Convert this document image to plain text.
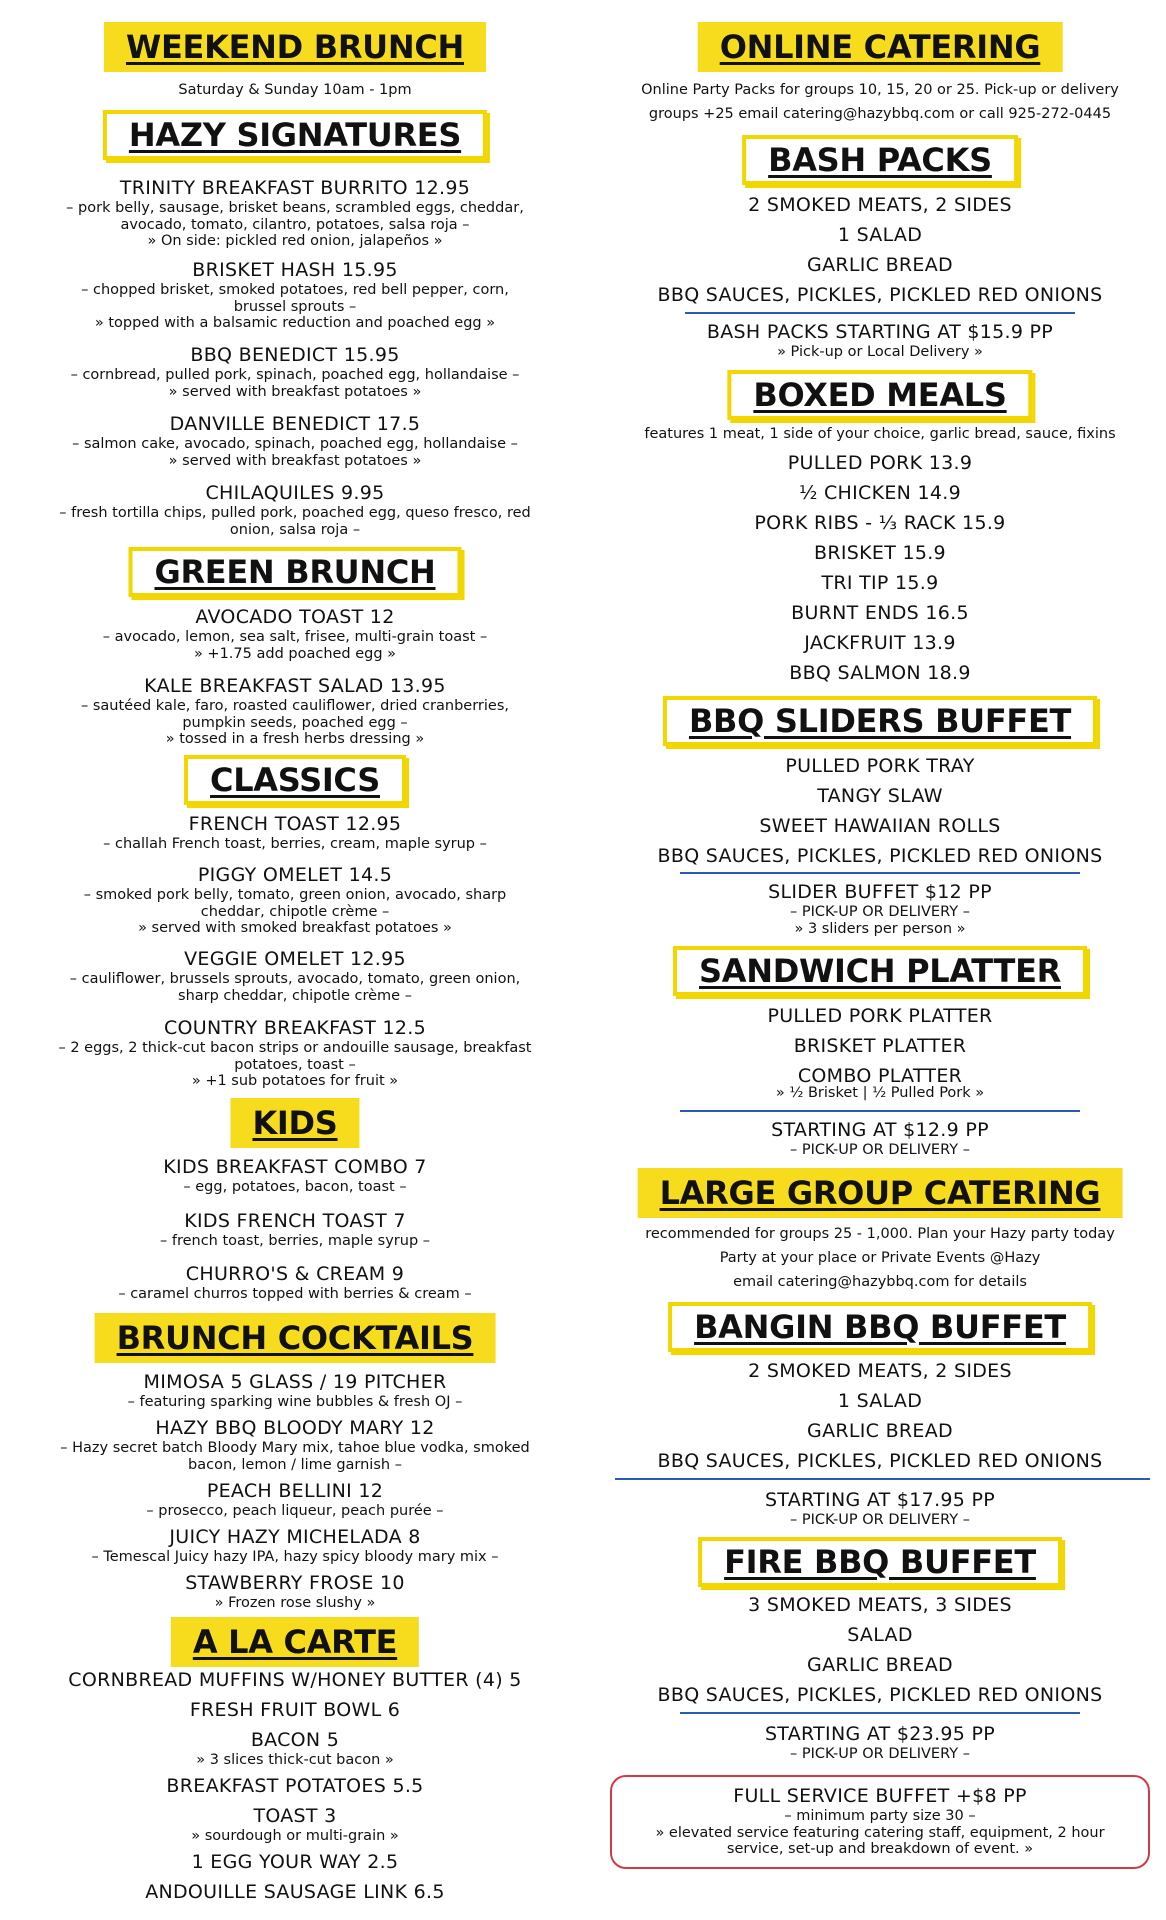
WEEKEND BRUNCH
Saturday & Sunday 10am - 1pm
HAZY SIGNATURES
TRINITY BREAKFAST BURRITO 12.95
– pork belly, sausage, brisket beans, scrambled eggs, cheddar,
avocado, tomato, cilantro, potatoes, salsa roja –
» On side: pickled red onion, jalapeños »
BRISKET HASH 15.95
– chopped brisket, smoked potatoes, red bell pepper, corn,
brussel sprouts –
» topped with a balsamic reduction and poached egg »
BBQ BENEDICT 15.95
– cornbread, pulled pork, spinach, poached egg, hollandaise –
» served with breakfast potatoes »
DANVILLE BENEDICT 17.5
– salmon cake, avocado, spinach, poached egg, hollandaise –
» served with breakfast potatoes »
CHILAQUILES 9.95
– fresh tortilla chips, pulled pork, poached egg, queso fresco, red
onion, salsa roja –
GREEN BRUNCH
AVOCADO TOAST 12
– avocado, lemon, sea salt, frisee, multi-grain toast –
» +1.75 add poached egg »
KALE BREAKFAST SALAD 13.95
– sautéed kale, faro, roasted cauliflower, dried cranberries,
pumpkin seeds, poached egg –
» tossed in a fresh herbs dressing »
CLASSICS
FRENCH TOAST 12.95
– challah French toast, berries, cream, maple syrup –
PIGGY OMELET 14.5
– smoked pork belly, tomato, green onion, avocado, sharp
cheddar, chipotle crème –
» served with smoked breakfast potatoes »
VEGGIE OMELET 12.95
– cauliflower, brussels sprouts, avocado, tomato, green onion,
sharp cheddar, chipotle crème –
COUNTRY BREAKFAST 12.5
– 2 eggs, 2 thick-cut bacon strips or andouille sausage, breakfast
potatoes, toast –
» +1 sub potatoes for fruit »
KIDS
KIDS BREAKFAST COMBO 7
– egg, potatoes, bacon, toast –
KIDS FRENCH TOAST 7
– french toast, berries, maple syrup –
CHURRO'S & CREAM 9
– caramel churros topped with berries & cream –
BRUNCH COCKTAILS
MIMOSA 5 GLASS / 19 PITCHER
– featuring sparking wine bubbles & fresh OJ –
HAZY BBQ BLOODY MARY 12
– Hazy secret batch Bloody Mary mix, tahoe blue vodka, smoked
bacon, lemon / lime garnish –
PEACH BELLINI 12
– prosecco, peach liqueur, peach purée –
JUICY HAZY MICHELADA 8
– Temescal Juicy hazy IPA, hazy spicy bloody mary mix –
STAWBERRY FROSE 10
» Frozen rose slushy »
A LA CARTE
CORNBREAD MUFFINS W/HONEY BUTTER (4) 5
FRESH FRUIT BOWL 6
BACON 5
» 3 slices thick-cut bacon »
BREAKFAST POTATOES 5.5
TOAST 3
» sourdough or multi-grain »
1 EGG YOUR WAY 2.5
ANDOUILLE SAUSAGE LINK 6.5
ONLINE CATERING
Online Party Packs for groups 10, 15, 20 or 25. Pick-up or delivery
groups +25 email catering@hazybbq.com or call 925-272-0445
BASH PACKS
2 SMOKED MEATS, 2 SIDES
1 SALAD
GARLIC BREAD
BBQ SAUCES, PICKLES, PICKLED RED ONIONS
BASH PACKS STARTING AT $15.9 PP
» Pick-up or Local Delivery »
BOXED MEALS
features 1 meat, 1 side of your choice, garlic bread, sauce, fixins
PULLED PORK 13.9
½ CHICKEN 14.9
PORK RIBS - ⅓ RACK 15.9
BRISKET 15.9
TRI TIP 15.9
BURNT ENDS 16.5
JACKFRUIT 13.9
BBQ SALMON 18.9
BBQ SLIDERS BUFFET
PULLED PORK TRAY
TANGY SLAW
SWEET HAWAIIAN ROLLS
BBQ SAUCES, PICKLES, PICKLED RED ONIONS
SLIDER BUFFET $12 PP
– PICK-UP OR DELIVERY –
» 3 sliders per person »
SANDWICH PLATTER
PULLED PORK PLATTER
BRISKET PLATTER
COMBO PLATTER
» ½ Brisket | ½ Pulled Pork »
STARTING AT $12.9 PP
– PICK-UP OR DELIVERY –
LARGE GROUP CATERING
recommended for groups 25 - 1,000. Plan your Hazy party today
Party at your place or Private Events @Hazy
email catering@hazybbq.com for details
BANGIN BBQ BUFFET
2 SMOKED MEATS, 2 SIDES
1 SALAD
GARLIC BREAD
BBQ SAUCES, PICKLES, PICKLED RED ONIONS
STARTING AT $17.95 PP
– PICK-UP OR DELIVERY –
FIRE BBQ BUFFET
3 SMOKED MEATS, 3 SIDES
SALAD
GARLIC BREAD
BBQ SAUCES, PICKLES, PICKLED RED ONIONS
STARTING AT $23.95 PP
– PICK-UP OR DELIVERY –
FULL SERVICE BUFFET +$8 PP
– minimum party size 30 –
» elevated service featuring catering staff, equipment, 2 hour
service, set-up and breakdown of event. »
